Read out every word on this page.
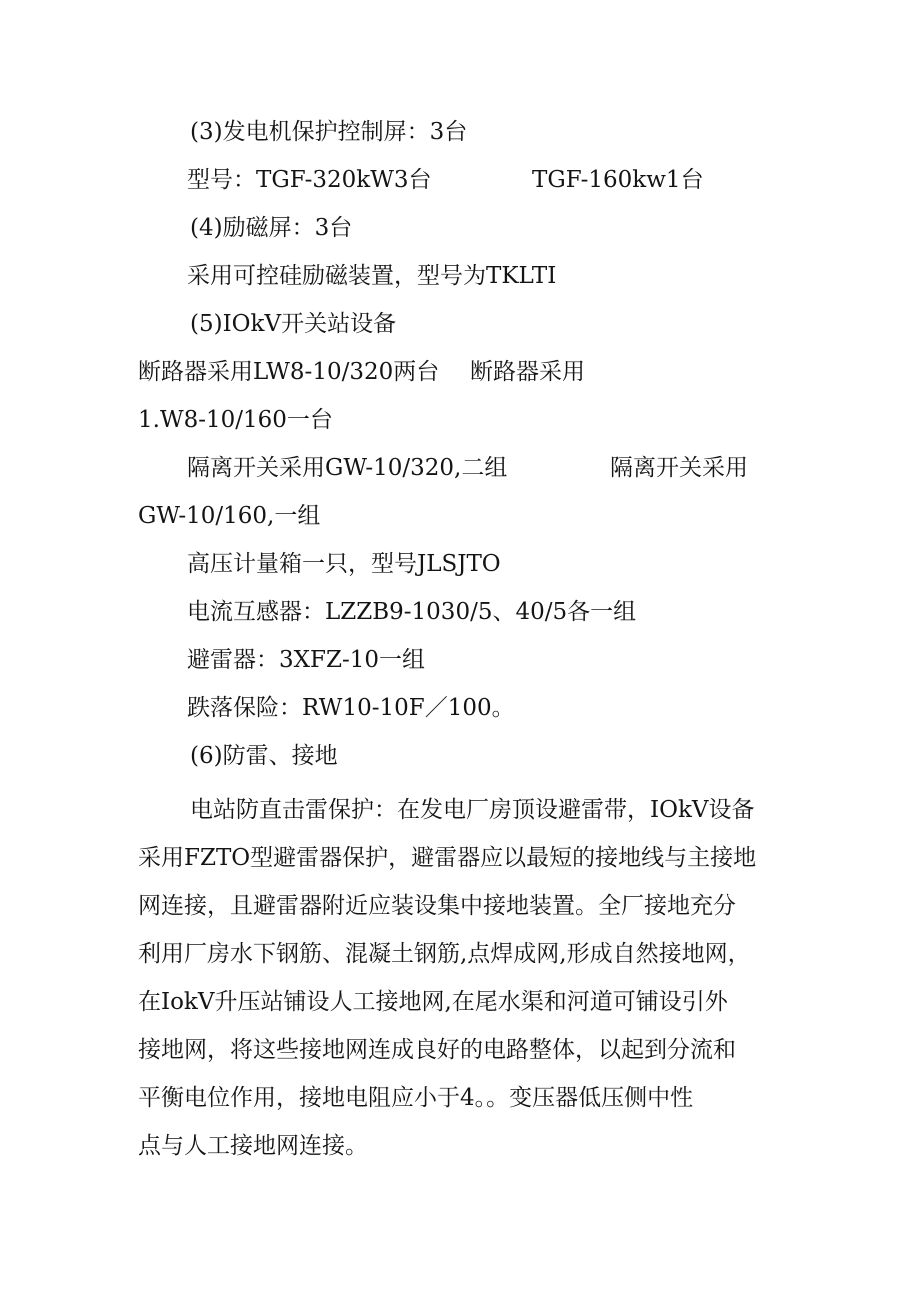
(3)发电机保护控制屏：3台

型号：TGF-320kW3台	TGF-160kw1台

(4)励磁屏：3台

采用可控硅励磁装置，型号为TKLTI

(5)IOkV开关站设备

断路器采用LW8-10/320两台 断路器采用

1.W8-10/160一台

隔离开关采用GW-10/320,二组	隔离开关采用

GW-10/160,一组

高压计量箱一只，型号JLSJTO

电流互感器：LZZB9-1030/5、40/5各一组

避雷器：3XFZ-10一组

跌落保险：RW10-10F／100。

(6)防雷、接地

电站防直击雷保护：在发电厂房顶设避雷带，IOkV设备
采用FZTO型避雷器保护，避雷器应以最短的接地线与主接地
网连接，且避雷器附近应装设集中接地装置。全厂接地充分
利用厂房水下钢筋、混凝土钢筋,点焊成网,形成自然接地网，
在IokV升压站铺设人工接地网,在尾水渠和河道可铺设引外
接地网，将这些接地网连成良好的电路整体，以起到分流和
平衡电位作用，接地电阻应小于4。。变压器低压侧中性
点与人工接地网连接。
